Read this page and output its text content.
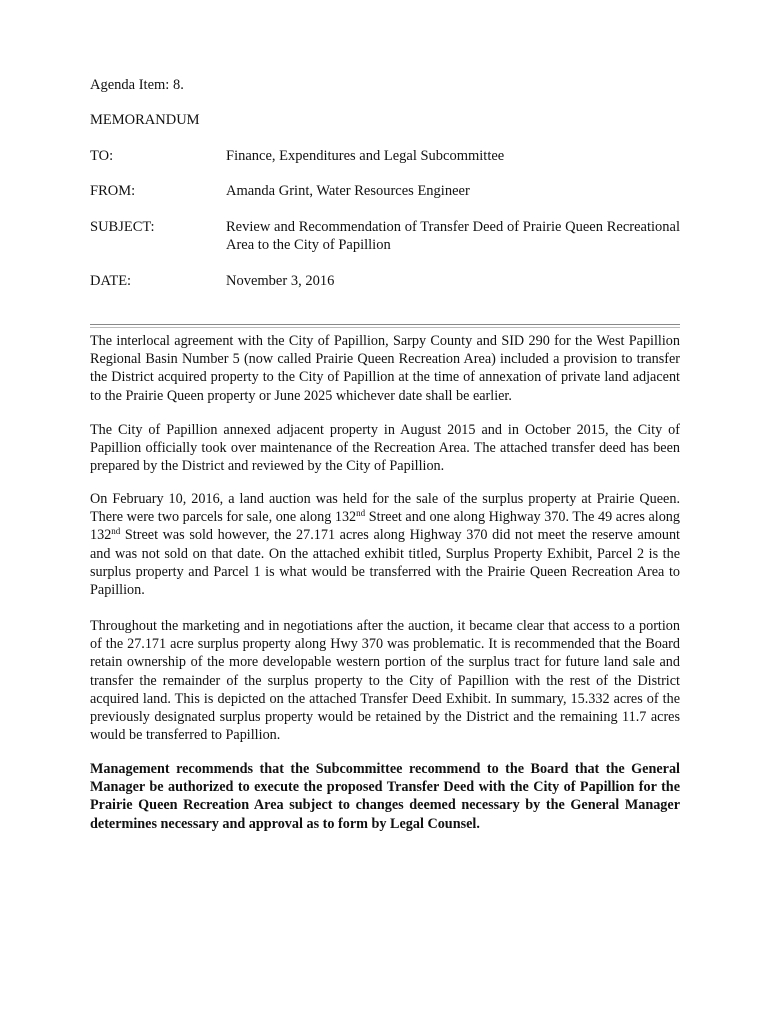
Agenda Item: 8.
MEMORANDUM
TO:	Finance, Expenditures and Legal Subcommittee
FROM:	Amanda Grint, Water Resources Engineer
SUBJECT:	Review and Recommendation of Transfer Deed of Prairie Queen Recreational Area to the City of Papillion
DATE:	November 3, 2016

The interlocal agreement with the City of Papillion, Sarpy County and SID 290 for the West Papillion Regional Basin Number 5 (now called Prairie Queen Recreation Area) included a provision to transfer the District acquired property to the City of Papillion at the time of annexation of private land adjacent to the Prairie Queen property or June 2025 whichever date shall be earlier.

The City of Papillion annexed adjacent property in August 2015 and in October 2015, the City of Papillion officially took over maintenance of the Recreation Area. The attached transfer deed has been prepared by the District and reviewed by the City of Papillion.

On February 10, 2016, a land auction was held for the sale of the surplus property at Prairie Queen. There were two parcels for sale, one along 132nd Street and one along Highway 370. The 49 acres along 132nd Street was sold however, the 27.171 acres along Highway 370 did not meet the reserve amount and was not sold on that date. On the attached exhibit titled, Surplus Property Exhibit, Parcel 2 is the surplus property and Parcel 1 is what would be transferred with the Prairie Queen Recreation Area to Papillion.

Throughout the marketing and in negotiations after the auction, it became clear that access to a portion of the 27.171 acre surplus property along Hwy 370 was problematic. It is recommended that the Board retain ownership of the more developable western portion of the surplus tract for future land sale and transfer the remainder of the surplus property to the City of Papillion with the rest of the District acquired land. This is depicted on the attached Transfer Deed Exhibit. In summary, 15.332 acres of the previously designated surplus property would be retained by the District and the remaining 11.7 acres would be transferred to Papillion.

Management recommends that the Subcommittee recommend to the Board that the General Manager be authorized to execute the proposed Transfer Deed with the City of Papillion for the Prairie Queen Recreation Area subject to changes deemed necessary by the General Manager determines necessary and approval as to form by Legal Counsel.
